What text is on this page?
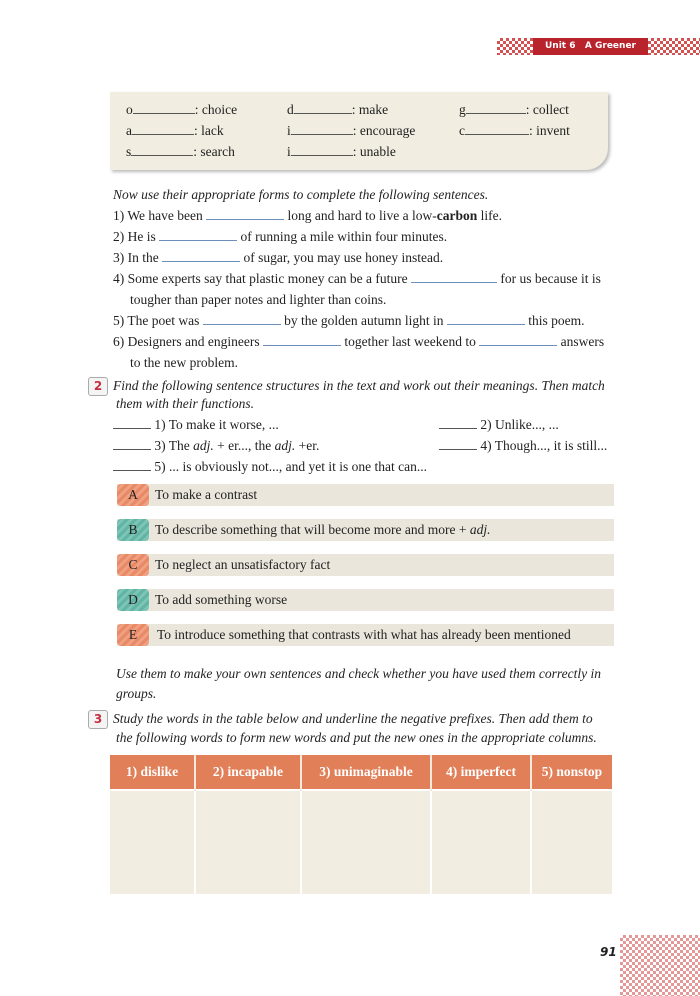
Unit 6 A Greener Earth
o	: choice	d	: make	g	: collect
a	: lack	i	: encourage	c	: invent
s	: search	i	: unable
Now use their appropriate forms to complete the following sentences.
1) We have been	long and hard to live a low-carbon life.
2) He is	of running a mile within four minutes.
3) In the	of sugar, you may use honey instead.
4) Some experts say that plastic money can be a future	for us because it is
tougher than paper notes and lighter than coins.
5) The poet was	by the golden autumn light in	this poem.
6) Designers and engineers	together last weekend to	answers
to the new problem.
2 Find the following sentence structures in the text and work out their meanings. Then match
them with their functions.
1) To make it worse, ...	2) Unlike..., ...
3) The adj. + er..., the adj. +er.	4) Though..., it is still...
5) ... is obviously not..., and yet it is one that can...
A	To make a contrast
B	To describe something that will become more and more + adj.
C	To neglect an unsatisfactory fact
D	To add something worse
E	To introduce something that contrasts with what has already been mentioned
Use them to make your own sentences and check whether you have used them correctly in
groups.
3 Study the words in the table below and underline the negative prefixes. Then add them to
the following words to form new words and put the new ones in the appropriate columns.
1) dislike	2) incapable	3) unimaginable	4) imperfect	5) nonstop

91
